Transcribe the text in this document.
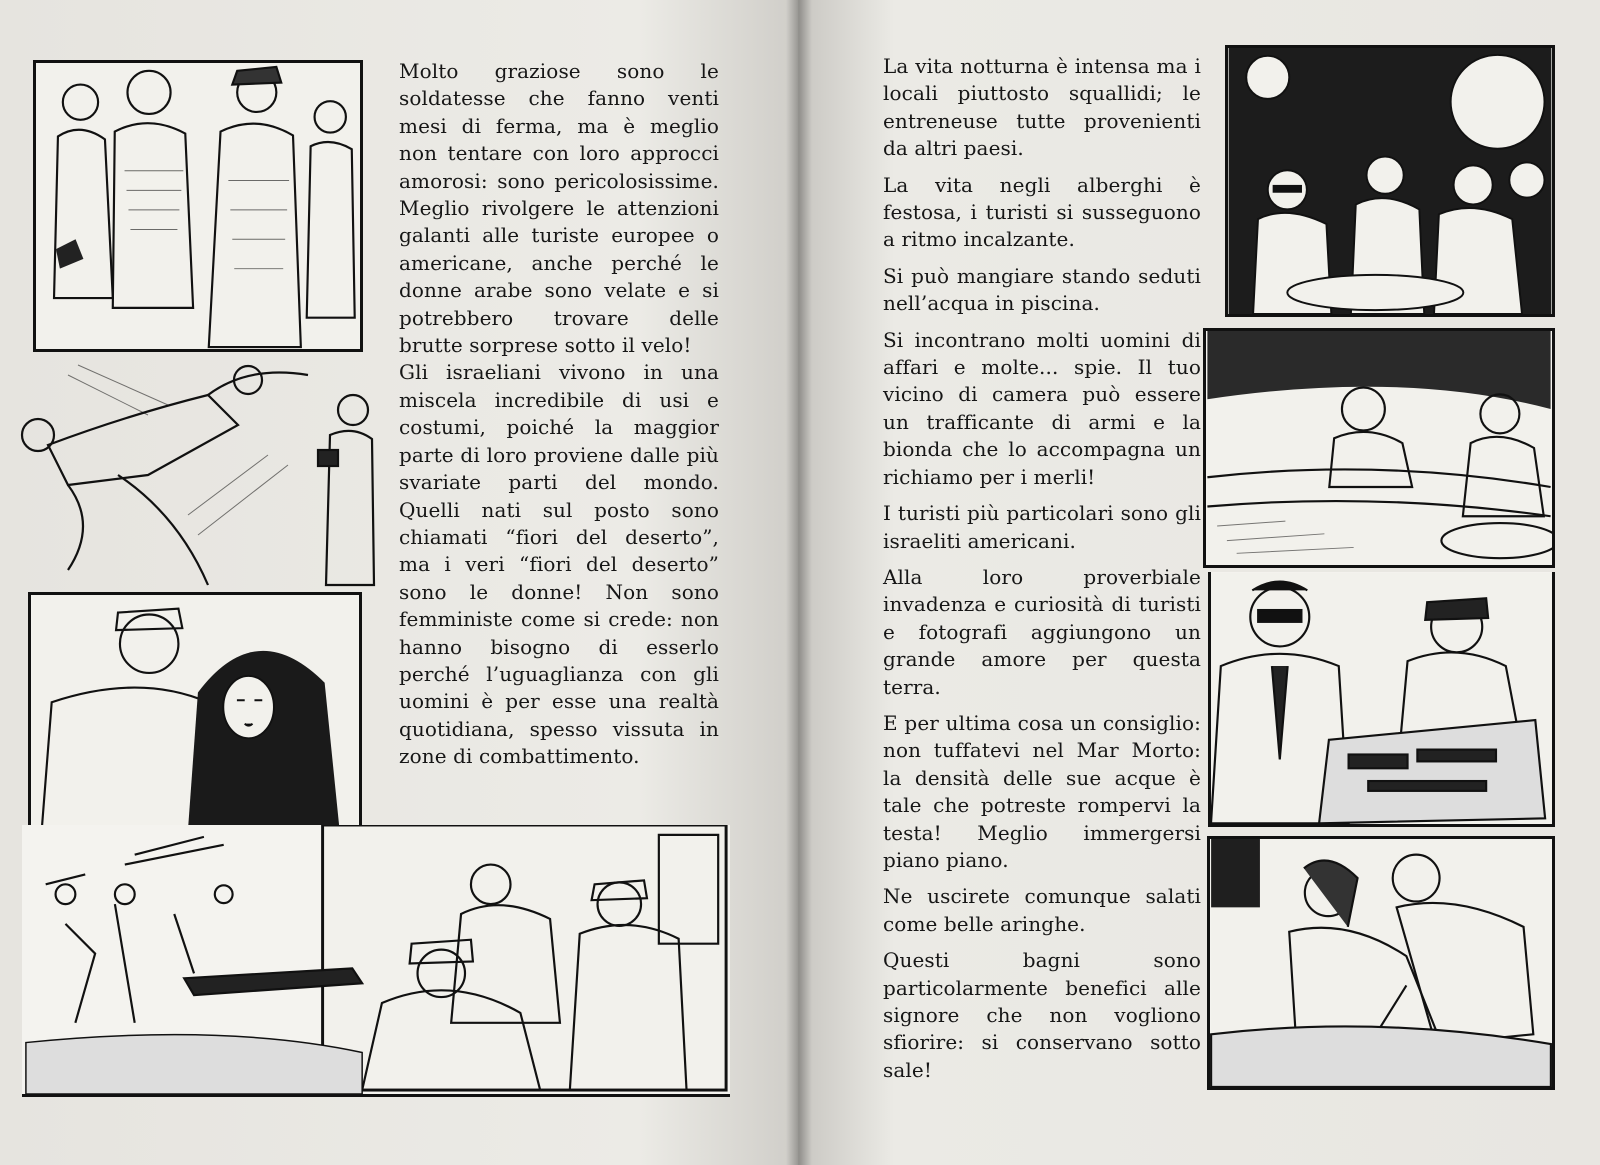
Molto graziose sono le soldatesse che fanno venti mesi di ferma, ma è meglio non tentare con loro approcci amorosi: sono pericolosissime. Meglio rivolgere le attenzioni galanti alle turiste europee o americane, anche perché le donne arabe sono velate e si potrebbero trovare delle brutte sorprese sotto il velo!

Gli israeliani vivono in una miscela incredibile di usi e costumi, poiché la maggior parte di loro proviene dalle più svariate parti del mondo. Quelli nati sul posto sono chiamati “fiori del deserto”, ma i veri “fiori del deserto” sono le donne! Non sono femministe come si crede: non hanno bisogno di esserlo perché l’uguaglianza con gli uomini è per esse una realtà quotidiana, spesso vissuta in zone di combattimento.

La vita notturna è intensa ma i locali piuttosto squallidi; le entreneuse tutte provenienti da altri paesi.

La vita negli alberghi è festosa, i turisti si susseguono a ritmo incalzante.

Si può mangiare stando seduti nell’acqua in piscina.

Si incontrano molti uomini di affari e molte... spie. Il tuo vicino di camera può essere un trafficante di armi e la bionda che lo accompagna un richiamo per i merli!

I turisti più particolari sono gli israeliti americani.

Alla loro proverbiale invadenza e curiosità di turisti e fotografi aggiungono un grande amore per questa terra.

E per ultima cosa un consiglio: non tuffatevi nel Mar Morto: la densità delle sue acque è tale che potreste rompervi la testa! Meglio immergersi piano piano.

Ne uscirete comunque salati come belle aringhe.

Questi bagni sono particolarmente benefici alle signore che non vogliono sfiorire: si conservano sotto sale!
